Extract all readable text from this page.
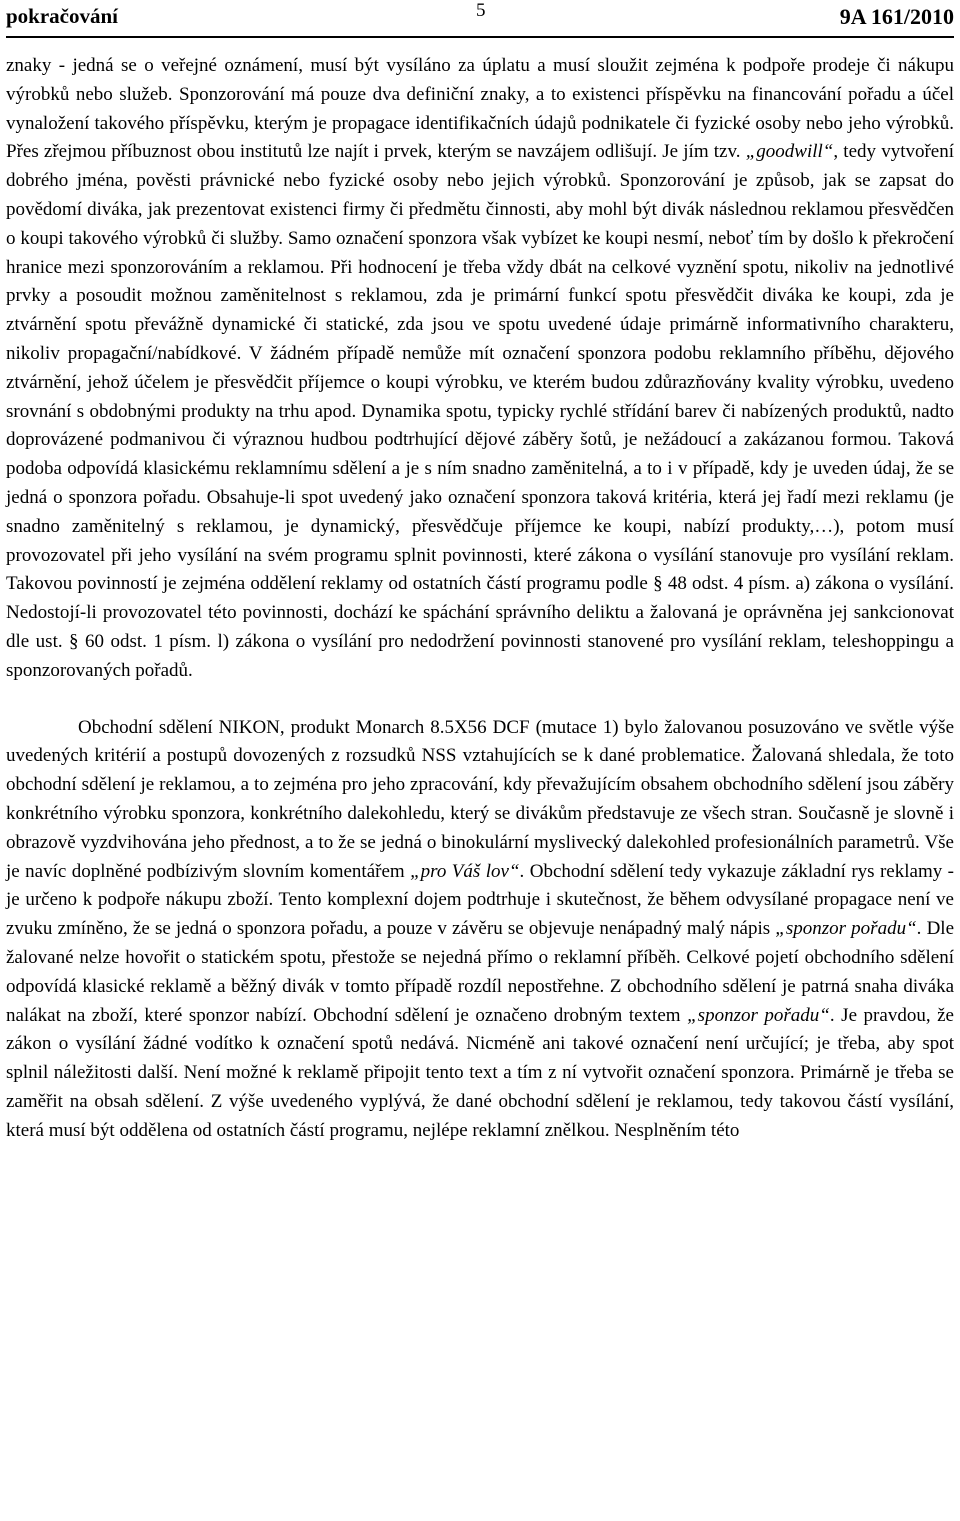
pokračování	5	9A 161/2010

znaky - jedná se o veřejné oznámení, musí být vysíláno za úplatu a musí sloužit zejména k podpoře prodeje či nákupu výrobků nebo služeb. Sponzorování má pouze dva definiční znaky, a to existenci příspěvku na financování pořadu a účel vynaložení takového příspěvku, kterým je propagace identifikačních údajů podnikatele či fyzické osoby nebo jeho výrobků. Přes zřejmou příbuznost obou institutů lze najít i prvek, kterým se navzájem odlišují. Je jím tzv. „goodwill“, tedy vytvoření dobrého jména, pověsti právnické nebo fyzické osoby nebo jejich výrobků. Sponzorování je způsob, jak se zapsat do povědomí diváka, jak prezentovat existenci firmy či předmětu činnosti, aby mohl být divák následnou reklamou přesvědčen o koupi takového výrobků či služby. Samo označení sponzora však vybízet ke koupi nesmí, neboť tím by došlo k překročení hranice mezi sponzorováním a reklamou. Při hodnocení je třeba vždy dbát na celkové vyznění spotu, nikoliv na jednotlivé prvky a posoudit možnou zaměnitelnost s reklamou, zda je primární funkcí spotu přesvědčit diváka ke koupi, zda je ztvárnění spotu převážně dynamické či statické, zda jsou ve spotu uvedené údaje primárně informativního charakteru, nikoliv propagační/nabídkové. V žádném případě nemůže mít označení sponzora podobu reklamního příběhu, dějového ztvárnění, jehož účelem je přesvědčit příjemce o koupi výrobku, ve kterém budou zdůrazňovány kvality výrobku, uvedeno srovnání s obdobnými produkty na trhu apod. Dynamika spotu, typicky rychlé střídání barev či nabízených produktů, nadto doprovázené podmanivou či výraznou hudbou podtrhující dějové záběry šotů, je nežádoucí a zakázanou formou. Taková podoba odpovídá klasickému reklamnímu sdělení a je s ním snadno zaměnitelná, a to i v případě, kdy je uveden údaj, že se jedná o sponzora pořadu. Obsahuje-li spot uvedený jako označení sponzora taková kritéria, která jej řadí mezi reklamu (je snadno zaměnitelný s reklamou, je dynamický, přesvědčuje příjemce ke koupi, nabízí produkty,…), potom musí provozovatel při jeho vysílání na svém programu splnit povinnosti, které zákona o vysílání stanovuje pro vysílání reklam. Takovou povinností je zejména oddělení reklamy od ostatních částí programu podle § 48 odst. 4 písm. a) zákona o vysílání. Nedostojí-li provozovatel této povinnosti, dochází ke spáchání správního deliktu a žalovaná je oprávněna jej sankcionovat dle ust. § 60 odst. 1 písm. l) zákona o vysílání pro nedodržení povinnosti stanovené pro vysílání reklam, teleshoppingu a sponzorovaných pořadů.

Obchodní sdělení NIKON, produkt Monarch 8.5X56 DCF (mutace 1) bylo žalovanou posuzováno ve světle výše uvedených kritérií a postupů dovozených z rozsudků NSS vztahujících se k dané problematice. Žalovaná shledala, že toto obchodní sdělení je reklamou, a to zejména pro jeho zpracování, kdy převažujícím obsahem obchodního sdělení jsou záběry konkrétního výrobku sponzora, konkrétního dalekohledu, který se divákům představuje ze všech stran. Současně je slovně i obrazově vyzdvihována jeho přednost, a to že se jedná o binokulární myslivecký dalekohled profesionálních parametrů. Vše je navíc doplněné podbízivým slovním komentářem „pro Váš lov“. Obchodní sdělení tedy vykazuje základní rys reklamy - je určeno k podpoře nákupu zboží. Tento komplexní dojem podtrhuje i skutečnost, že během odvysílané propagace není ve zvuku zmíněno, že se jedná o sponzora pořadu, a pouze v závěru se objevuje nenápadný malý nápis „sponzor pořadu“. Dle žalované nelze hovořit o statickém spotu, přestože se nejedná přímo o reklamní příběh. Celkové pojetí obchodního sdělení odpovídá klasické reklamě a běžný divák v tomto případě rozdíl nepostřehne. Z obchodního sdělení je patrná snaha diváka nalákat na zboží, které sponzor nabízí. Obchodní sdělení je označeno drobným textem „sponzor pořadu“. Je pravdou, že zákon o vysílání žádné vodítko k označení spotů nedává. Nicméně ani takové označení není určující; je třeba, aby spot splnil náležitosti další. Není možné k reklamě připojit tento text a tím z ní vytvořit označení sponzora. Primárně je třeba se zaměřit na obsah sdělení. Z výše uvedeného vyplývá, že dané obchodní sdělení je reklamou, tedy takovou částí vysílání, která musí být oddělena od ostatních částí programu, nejlépe reklamní znělkou. Nesplněním této
